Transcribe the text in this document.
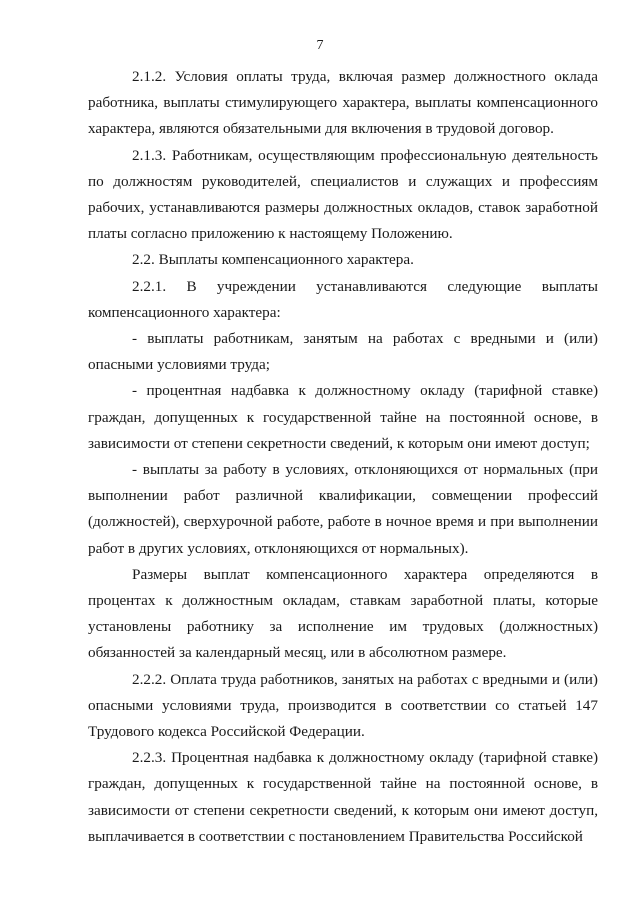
7

2.1.2. Условия оплаты труда, включая размер должностного оклада работника, выплаты стимулирующего характера, выплаты компенсационного характера, являются обязательными для включения в трудовой договор.

2.1.3. Работникам, осуществляющим профессиональную деятельность по должностям руководителей, специалистов и служащих и профессиям рабочих, устанавливаются размеры должностных окладов, ставок заработной платы согласно приложению к настоящему Положению.

2.2. Выплаты компенсационного характера.

2.2.1. В учреждении устанавливаются следующие выплаты компенсационного характера:

- выплаты работникам, занятым на работах с вредными и (или) опасными условиями труда;

- процентная надбавка к должностному окладу (тарифной ставке) граждан, допущенных к государственной тайне на постоянной основе, в зависимости от степени секретности сведений, к которым они имеют доступ;

- выплаты за работу в условиях, отклоняющихся от нормальных (при выполнении работ различной квалификации, совмещении профессий (должностей), сверхурочной работе, работе в ночное время и при выполнении работ в других условиях, отклоняющихся от нормальных).

Размеры выплат компенсационного характера определяются в процентах к должностным окладам, ставкам заработной платы, которые установлены работнику за исполнение им трудовых (должностных) обязанностей за календарный месяц, или в абсолютном размере.

2.2.2. Оплата труда работников, занятых на работах с вредными и (или) опасными условиями труда, производится в соответствии со статьей 147 Трудового кодекса Российской Федерации.

2.2.3. Процентная надбавка к должностному окладу (тарифной ставке) граждан, допущенных к государственной тайне на постоянной основе, в зависимости от степени секретности сведений, к которым они имеют доступ, выплачивается в соответствии с постановлением Правительства Российской
